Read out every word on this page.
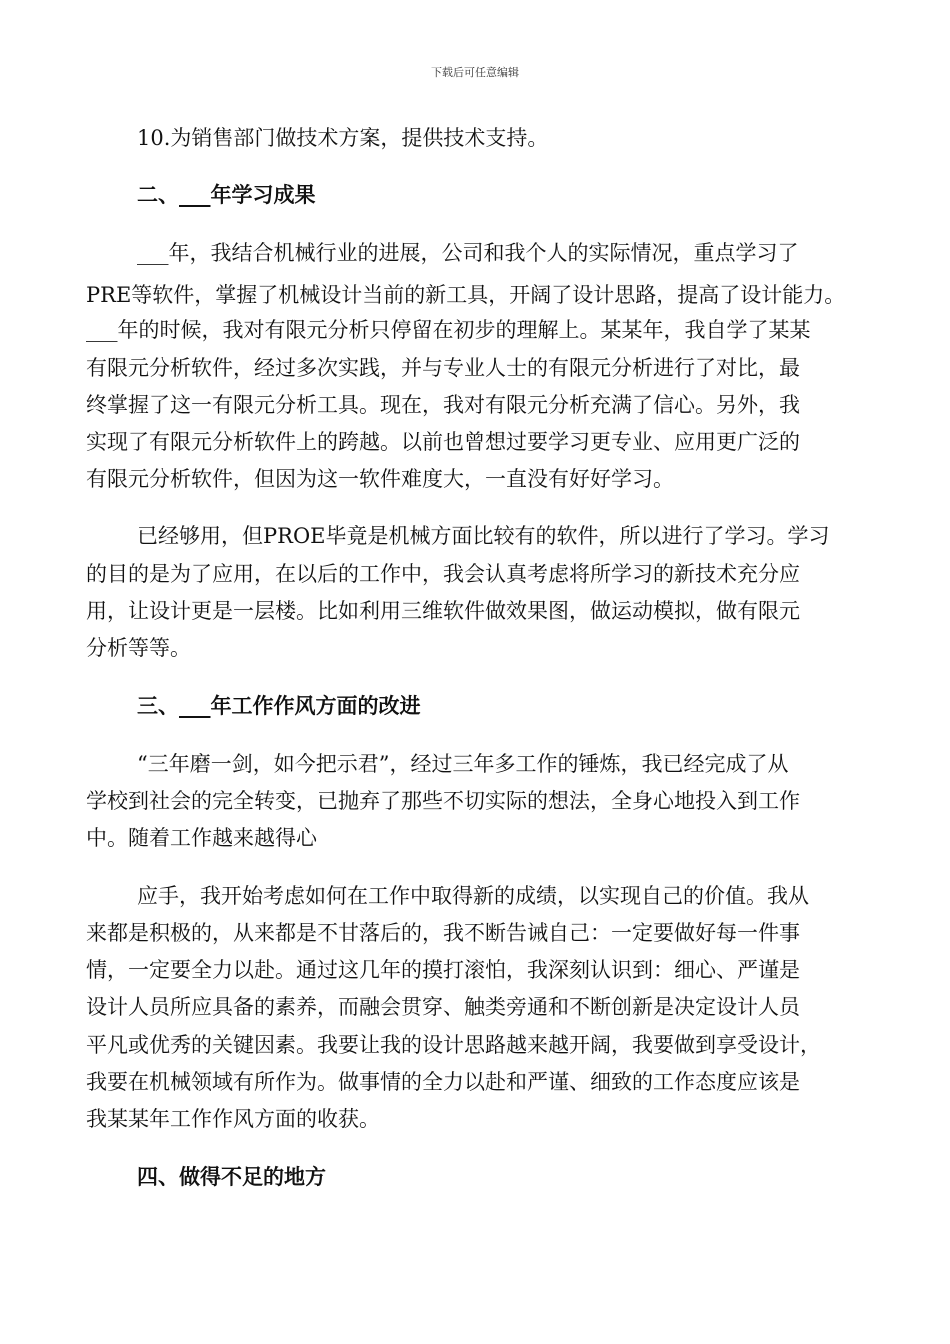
下载后可任意编辑
10.为销售部门做技术方案，提供技术支持。
二、___年学习成果
___年，我结合机械行业的进展，公司和我个人的实际情况，重点学习了
PRE等软件，掌握了机械设计当前的新工具，开阔了设计思路，提高了设计能力。
___年的时候，我对有限元分析只停留在初步的理解上。某某年，我自学了某某
有限元分析软件，经过多次实践，并与专业人士的有限元分析进行了对比，最
终掌握了这一有限元分析工具。现在，我对有限元分析充满了信心。另外，我
实现了有限元分析软件上的跨越。以前也曾想过要学习更专业、应用更广泛的
有限元分析软件，但因为这一软件难度大，一直没有好好学习。
已经够用，但PROE毕竟是机械方面比较有的软件，所以进行了学习。学习
的目的是为了应用，在以后的工作中，我会认真考虑将所学习的新技术充分应
用，让设计更是一层楼。比如利用三维软件做效果图，做运动模拟，做有限元
分析等等。
三、___年工作作风方面的改进
“三年磨一剑，如今把示君”，经过三年多工作的锤炼，我已经完成了从
学校到社会的完全转变，已抛弃了那些不切实际的想法，全身心地投入到工作
中。随着工作越来越得心
应手，我开始考虑如何在工作中取得新的成绩，以实现自己的价值。我从
来都是积极的，从来都是不甘落后的，我不断告诫自己：一定要做好每一件事
情，一定要全力以赴。通过这几年的摸打滚怕，我深刻认识到：细心、严谨是
设计人员所应具备的素养，而融会贯穿、触类旁通和不断创新是决定设计人员
平凡或优秀的关键因素。我要让我的设计思路越来越开阔，我要做到享受设计，
我要在机械领域有所作为。做事情的全力以赴和严谨、细致的工作态度应该是
我某某年工作作风方面的收获。
四、做得不足的地方
